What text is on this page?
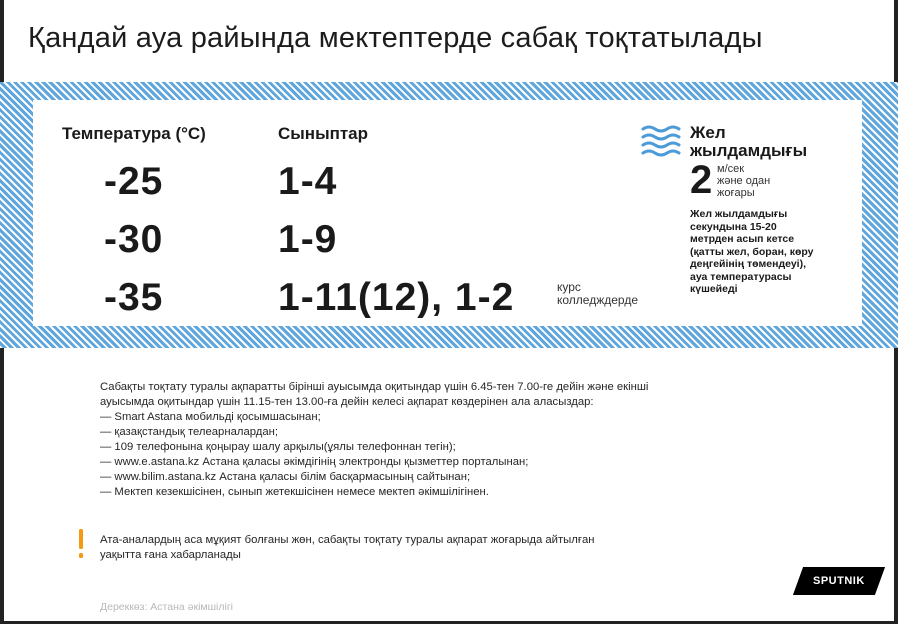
Қандай ауа райында мектептерде сабақ тоқтатылады
Температура (°С)	Сыныптар
-25
-30
-35
1-4
1-9
1-11(12), 1-2	курс
колледждерде
Жел
жылдамдығы
2 м/сек
және одан
жоғары
Жел жылдамдығы
секундына 15-20
метрден асып кетсе
(қатты жел, боран, көру
деңгейінің төмендеуі),
ауа температурасы
күшейеді
Сабақты тоқтату туралы ақпаратты бірінші ауысымда оқитындар үшін 6.45-тен 7.00-ге дейін және екінші
ауысымда оқитындар үшін 11.15-тен 13.00-ға дейін келесі ақпарат көздерінен ала аласыздар:
— Smart Astana мобильді қосымшасынан;
— қазақстандық телеарналардан;
— 109 телефонына қоңырау шалу арқылы(ұялы телефоннан тегін);
— www.e.astana.kz Астана қаласы әкімдігінің электронды қызметтер порталынан;
— www.bilim.astana.kz Астана қаласы білім басқармасының сайтынан;
— Мектеп кезекшісінен, сынып жетекшісінен немесе мектеп әкімшілігінен.
Ата-аналардың аса мұқият болғаны жөн, сабақты тоқтату туралы ақпарат жоғарыда айтылған
уақытта ғана хабарланады
Дереккөз: Астана әкімшілігі
SPUTNIK
